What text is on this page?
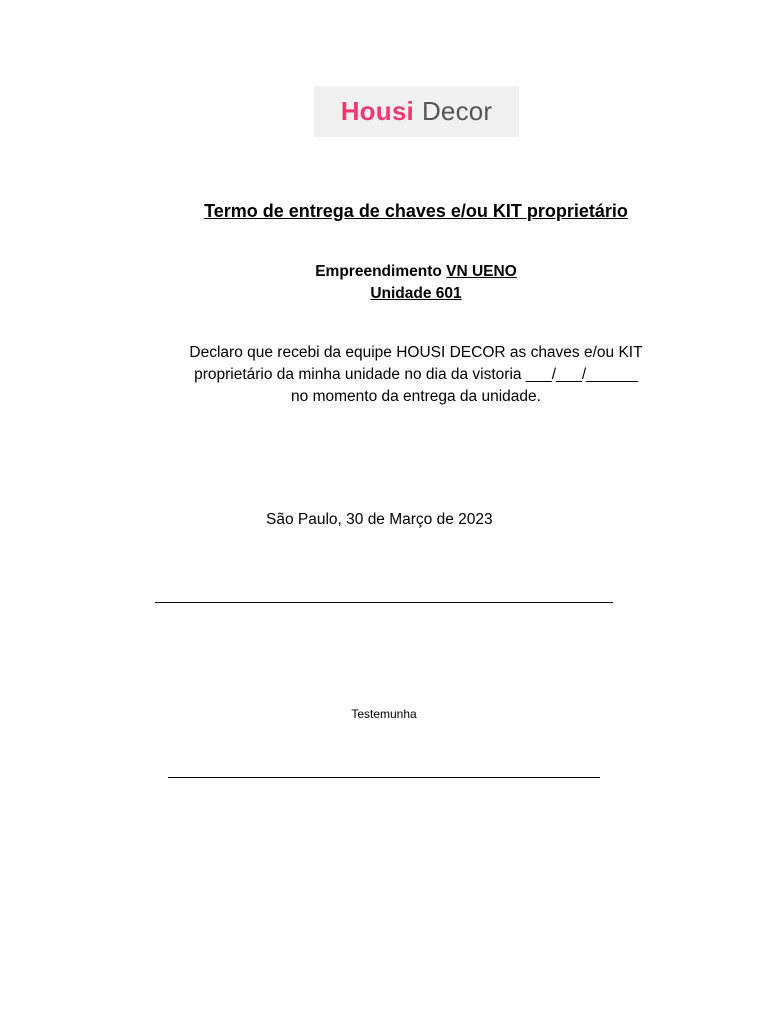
Housi Decor
Termo de entrega de chaves e/ou KIT proprietário
Empreendimento VN UENO
Unidade 601
Declaro que recebi da equipe HOUSI DECOR as chaves e/ou KIT
proprietário da minha unidade no dia da vistoria ___/___/______
no momento da entrega da unidade.
São Paulo, 30 de Março de 2023
Testemunha
